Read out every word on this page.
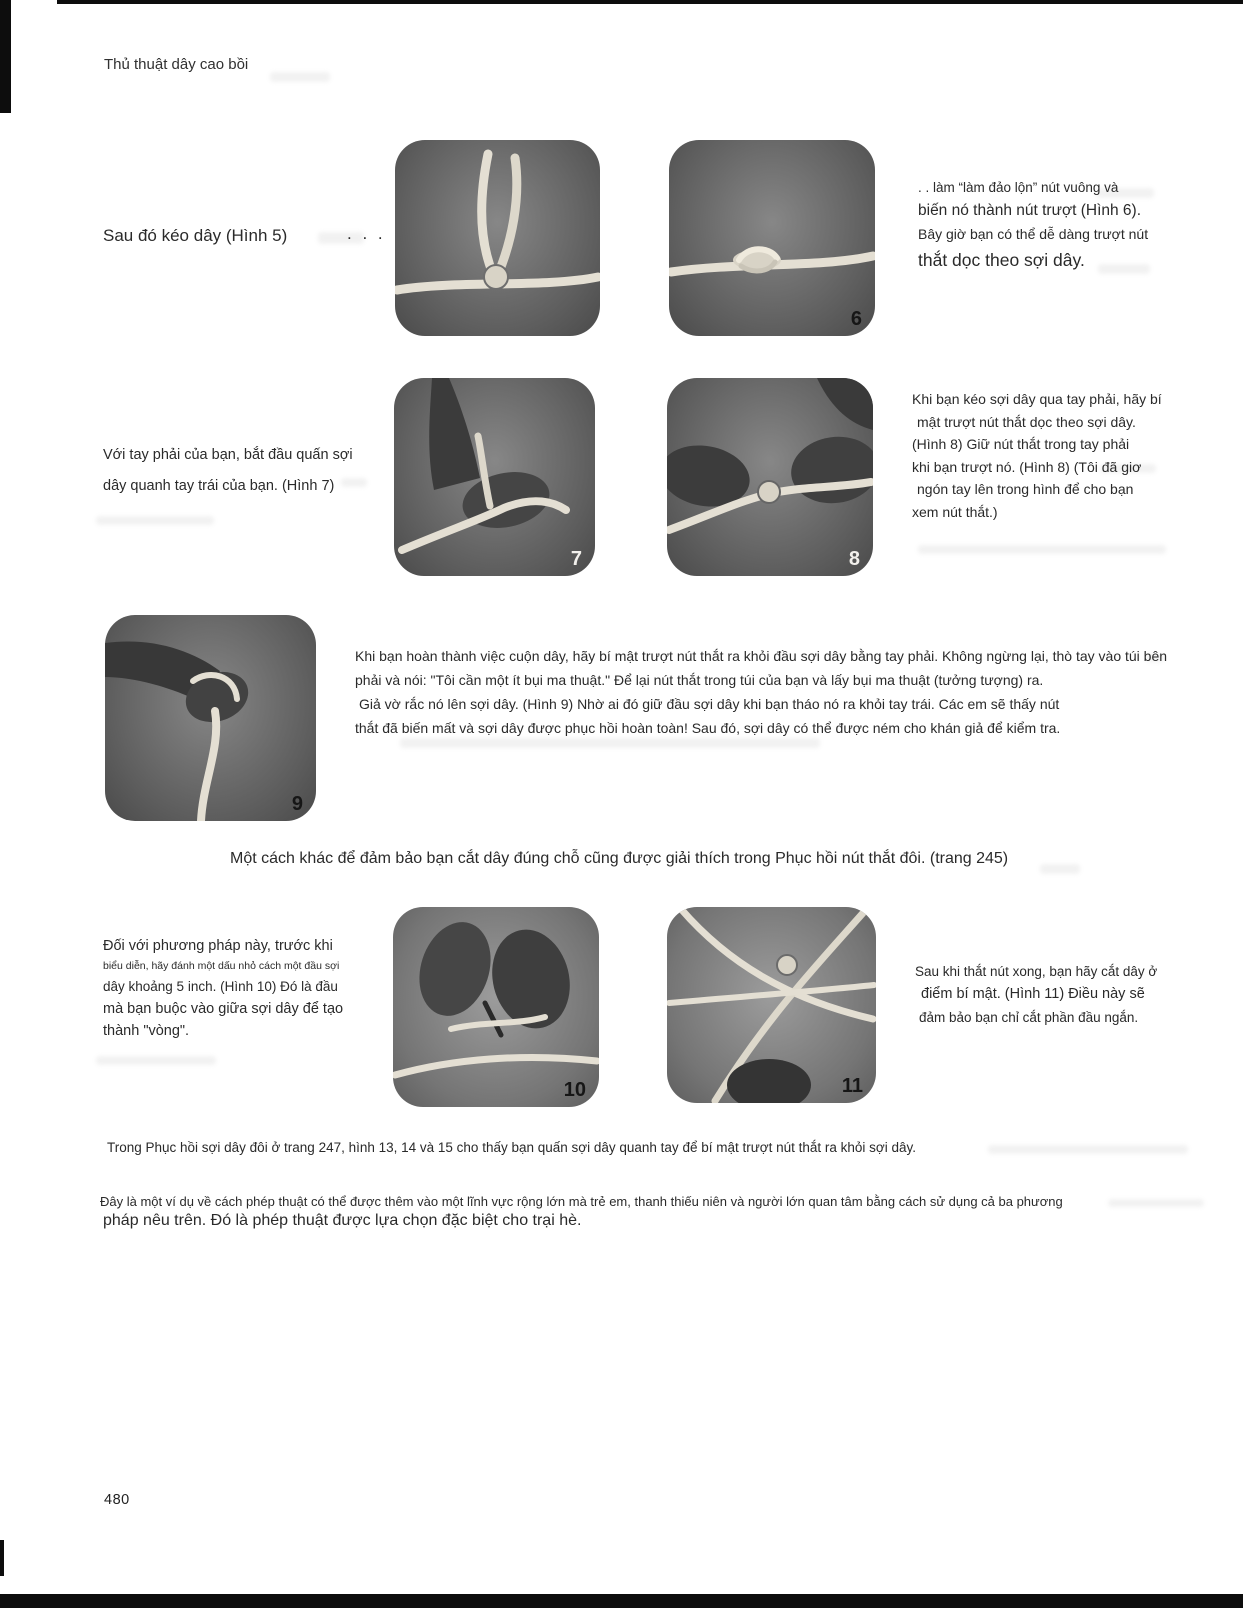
Thủ thuật dây cao bồi
Sau đó kéo dây (Hình 5)	. . .
6
. . làm “làm đảo lộn” nút vuông và
biến nó thành nút trượt (Hình 6).
Bây giờ bạn có thể dễ dàng trượt nút
thắt dọc theo sợi dây.
Với tay phải của bạn, bắt đầu quấn sợi
dây quanh tay trái của bạn. (Hình 7)
7	8
Khi bạn kéo sợi dây qua tay phải, hãy bí
mật trượt nút thắt dọc theo sợi dây.
(Hình 8) Giữ nút thắt trong tay phải
khi bạn trượt nó. (Hình 8) (Tôi đã giơ
ngón tay lên trong hình để cho bạn
xem nút thắt.)
9
Khi bạn hoàn thành việc cuộn dây, hãy bí mật trượt nút thắt ra khỏi đầu sợi dây bằng tay phải. Không ngừng lại, thò tay vào túi bên
phải và nói: "Tôi cần một ít bụi ma thuật." Để lại nút thắt trong túi của bạn và lấy bụi ma thuật (tưởng tượng) ra.
Giả vờ rắc nó lên sợi dây. (Hình 9) Nhờ ai đó giữ đầu sợi dây khi bạn tháo nó ra khỏi tay trái. Các em sẽ thấy nút
thắt đã biến mất và sợi dây được phục hồi hoàn toàn! Sau đó, sợi dây có thể được ném cho khán giả để kiểm tra.
Một cách khác để đảm bảo bạn cắt dây đúng chỗ cũng được giải thích trong Phục hồi nút thắt đôi. (trang 245)
Đối với phương pháp này, trước khi
biểu diễn, hãy đánh một dấu nhỏ cách một đầu sợi
dây khoảng 5 inch. (Hình 10) Đó là đầu
mà bạn buộc vào giữa sợi dây để tạo
thành "vòng".
10	11
Sau khi thắt nút xong, bạn hãy cắt dây ở
điểm bí mật. (Hình 11) Điều này sẽ
đảm bảo bạn chỉ cắt phần đầu ngắn.
Trong Phục hồi sợi dây đôi ở trang 247, hình 13, 14 và 15 cho thấy bạn quấn sợi dây quanh tay để bí mật trượt nút thắt ra khỏi sợi dây.
Đây là một ví dụ về cách phép thuật có thể được thêm vào một lĩnh vực rộng lớn mà trẻ em, thanh thiếu niên và người lớn quan tâm bằng cách sử dụng cả ba phương
pháp nêu trên. Đó là phép thuật được lựa chọn đặc biệt cho trại hè.
480
